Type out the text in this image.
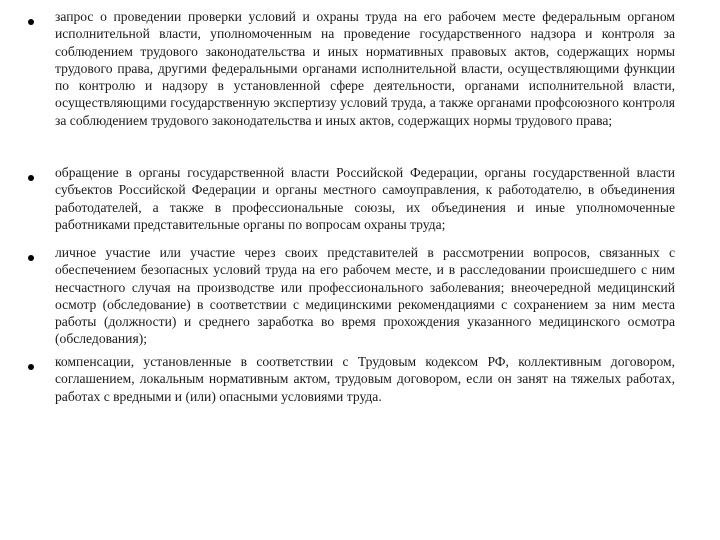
запрос о проведении проверки условий и охраны труда на его рабочем месте федеральным органом исполнительной власти, уполномоченным на проведение государственного надзора и контроля за соблюдением трудового законодательства и иных нормативных правовых актов, содержащих нормы трудового права, другими федеральными органами исполнительной власти, осуществляющими функции по контролю и надзору в установленной сфере деятельности, органами исполнительной власти, осуществляющими государственную экспертизу условий труда, а также органами профсоюзного контроля за соблюдением трудового законодательства и иных актов, содержащих нормы трудового права;

обращение в органы государственной власти Российской Федерации, органы государственной власти субъектов Российской Федерации и органы местного самоуправления, к работодателю, в объединения работодателей, а также в профессиональные союзы, их объединения и иные уполномоченные работниками представительные органы по вопросам охраны труда;

личное участие или участие через своих представителей в рассмотрении вопросов, связанных с обеспечением безопасных условий труда на его рабочем месте, и в расследовании происшедшего с ним несчастного случая на производстве или профессионального заболевания; внеочередной медицинский осмотр (обследование) в соответствии с медицинскими рекомендациями с сохранением за ним места работы (должности) и среднего заработка во время прохождения указанного медицинского осмотра (обследования);

компенсации, установленные в соответствии с Трудовым кодексом РФ, коллективным договором, соглашением, локальным нормативным актом, трудовым договором, если он занят на тяжелых работах, работах с вредными и (или) опасными условиями труда.
